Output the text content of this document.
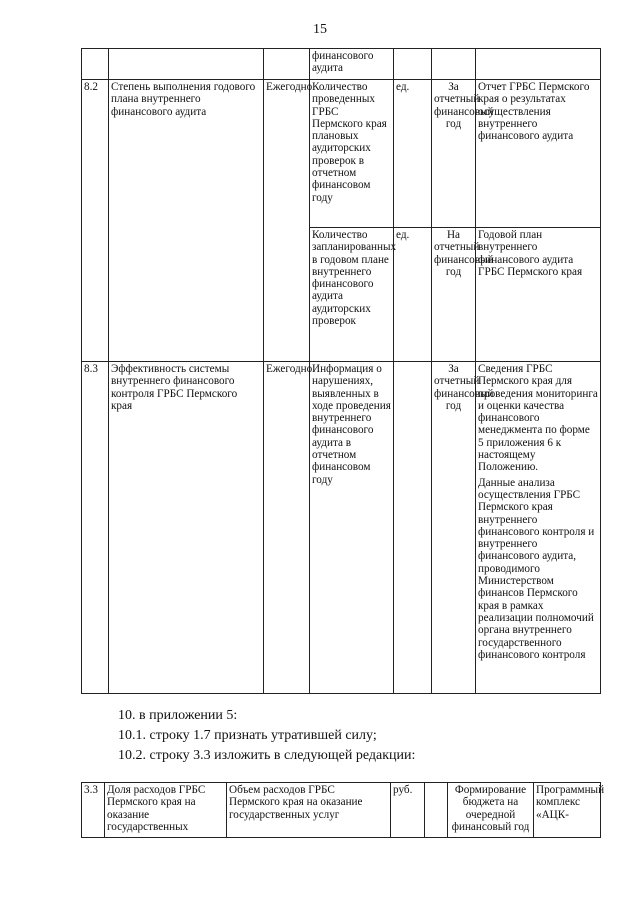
15
			финансового аудита			
8.2	Степень выполнения годового плана внутреннего финансового аудита	Ежегодно	Количество проведенных ГРБС Пермского края плановых аудиторских проверок в отчетном финансовом году	ед.	За отчетный финансовый год	Отчет ГРБС Пермского края о результатах осуществления внутреннего финансового аудита
			Количество запланированных в годовом плане внутреннего финансового аудита аудиторских проверок	ед.	На отчетный финансовый год	Годовой план внутреннего финансового аудита ГРБС Пермского края
8.3	Эффективность системы внутреннего финансового контроля ГРБС Пермского края	Ежегодно	Информация о нарушениях, выявленных в ходе проведения внутреннего финансового аудита в отчетном финансовом году		За отчетный финансовый год	Сведения ГРБС Пермского края для проведения мониторинга и оценки качества финансового менеджмента по форме 5 приложения 6 к настоящему Положению.
Данные анализа осуществления ГРБС Пермского края внутреннего финансового контроля и внутреннего финансового аудита, проводимого Министерством финансов Пермского края в рамках реализации полномочий органа внутреннего государственного финансового контроля
10. в приложении 5:
10.1. строку 1.7 признать утратившей силу;
10.2. строку 3.3 изложить в следующей редакции:
3.3	Доля расходов ГРБС Пермского края на оказание государственных	Объем расходов ГРБС Пермского края на оказание государственных услуг	руб.		Формирование бюджета на очередной финансовый год	Программный комплекс «АЦК-
